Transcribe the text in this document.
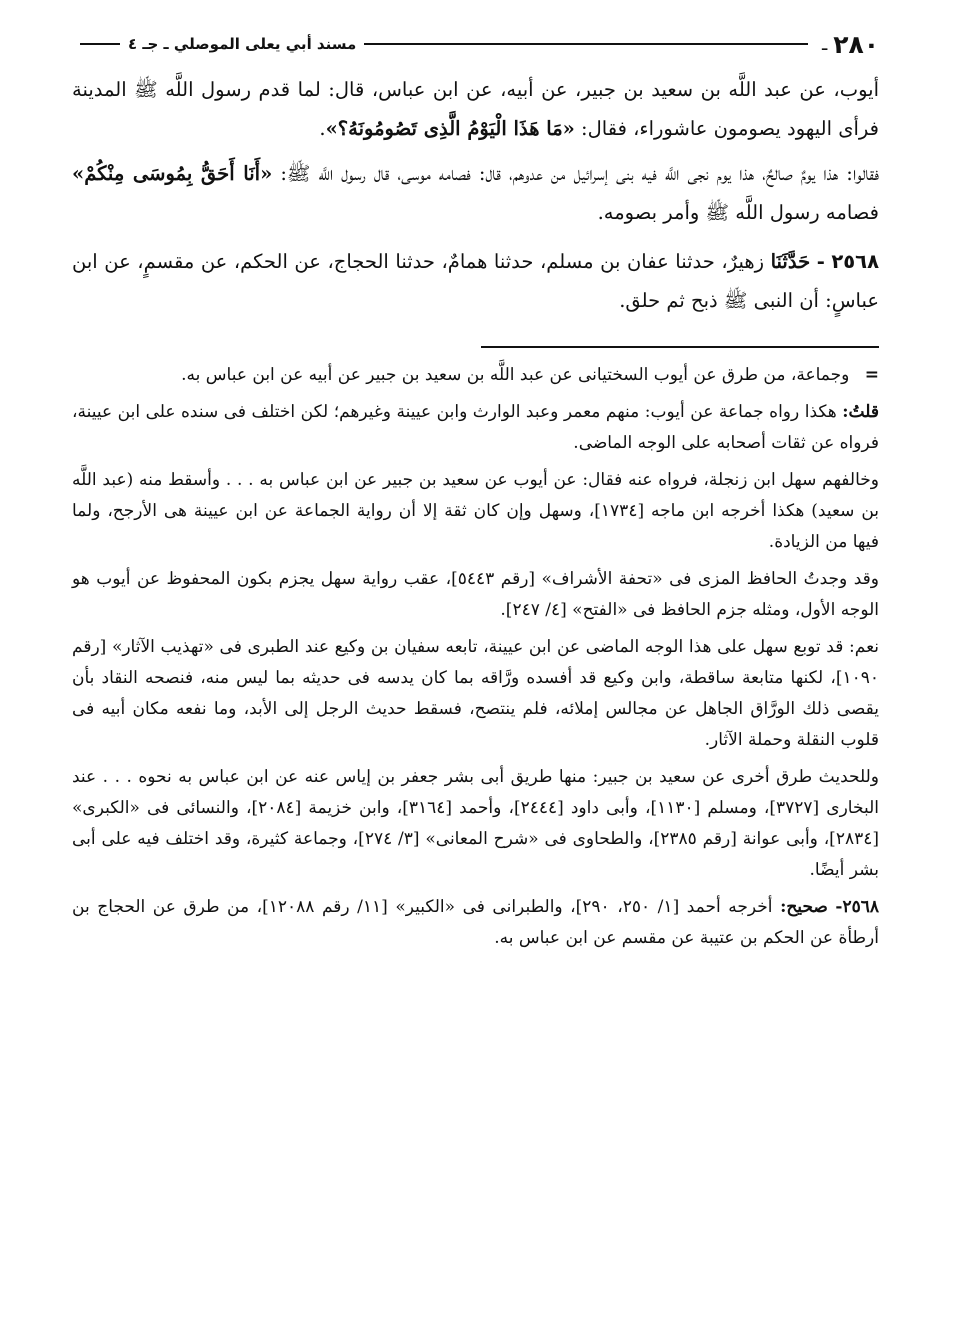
٢٨٠
ـ
مسند أبي يعلى الموصلي ـ جـ ٤

أيوب، عن عبد اللَّه بن سعيد بن جبير، عن أبيه، عن ابن عباس، قال: لما قدم رسول اللَّه ﷺ المدينة فرأى اليهود يصومون عاشوراء، فقال: «مَا هَذَا الْيَوْمُ الَّذِى تَصُومُونَهُ؟».

فقالوا: هذا يومٌ صالحٌ، هذا يوم نجى اللَّه فيه بنى إسرائيل من عدوهم، قال: فصامه موسى، قال رسول اللَّه ﷺ: «أَنَا أَحَقُّ بِمُوسَى مِنْكُمْ» فصامه رسول اللَّه ﷺ وأمر بصومه.

٢٥٦٨ - حَدَّثَنَا زهيرٌ، حدثنا عفان بن مسلم، حدثنا همامٌ، حدثنا الحجاج، عن الحكم، عن مقسمٍ، عن ابن عباسٍ: أن النبى ﷺ ذبح ثم حلق.

= وجماعة، من طرق عن أيوب السختيانى عن عبد اللَّه بن سعيد بن جبير عن أبيه عن ابن عباس به.

قلتُ: هكذا رواه جماعة عن أيوب: منهم معمر وعبد الوارث وابن عيينة وغيرهم؛ لكن اختلف فى سنده على ابن عيينة، فرواه عن ثقات أصحابه على الوجه الماضى.

وخالفهم سهل ابن زنجلة، فرواه عنه فقال: عن أيوب عن سعيد بن جبير عن ابن عباس به . . . وأسقط منه (عبد اللَّه بن سعيد) هكذا أخرجه ابن ماجه [١٧٣٤]، وسهل وإن كان ثقة إلا أن رواية الجماعة عن ابن عيينة هى الأرجح، ولما فيها من الزيادة.

وقد وجدتُ الحافظ المزى فى «تحفة الأشراف» [رقم ٥٤٤٣]، عقب رواية سهل يجزم بكون المحفوظ عن أيوب هو الوجه الأول، ومثله جزم الحافظ فى «الفتح» [٤/ ٢٤٧].

نعم: قد توبع سهل على هذا الوجه الماضى عن ابن عيينة، تابعه سفيان بن وكيع عند الطبرى فى «تهذيب الآثار» [رقم ١٠٩٠]، لكنها متابعة ساقطة، وابن وكيع قد أفسده ورَّاقه بما كان يدسه فى حديثه بما ليس منه، فنصحه النقاد بأن يقصى ذلك الورَّاق الجاهل عن مجالس إملائه، فلم ينتصح، فسقط حديث الرجل إلى الأبد، وما نفعه مكان أبيه فى قلوب النقلة وحملة الآثار.

وللحديث طرق أخرى عن سعيد بن جبير: منها طريق أبى بشر جعفر بن إياس عنه عن ابن عباس به نحوه . . . عند البخارى [٣٧٢٧]، ومسلم [١١٣٠]، وأبى داود [٢٤٤٤]، وأحمد [٣١٦٤]، وابن خزيمة [٢٠٨٤]، والنسائى فى «الكبرى» [٢٨٣٤]، وأبى عوانة [رقم ٢٣٨٥]، والطحاوى فى «شرح المعانى» [٣/ ٢٧٤]، وجماعة كثيرة، وقد اختلف فيه على أبى بشر أيضًا.

٢٥٦٨- صحيح: أخرجه أحمد [١/ ٢٥٠، ٢٩٠]، والطبرانى فى «الكبير» [١١/ رقم ١٢٠٨٨]، من طرق عن الحجاج بن أرطأة عن الحكم بن عتيبة عن مقسم عن ابن عباس به.
